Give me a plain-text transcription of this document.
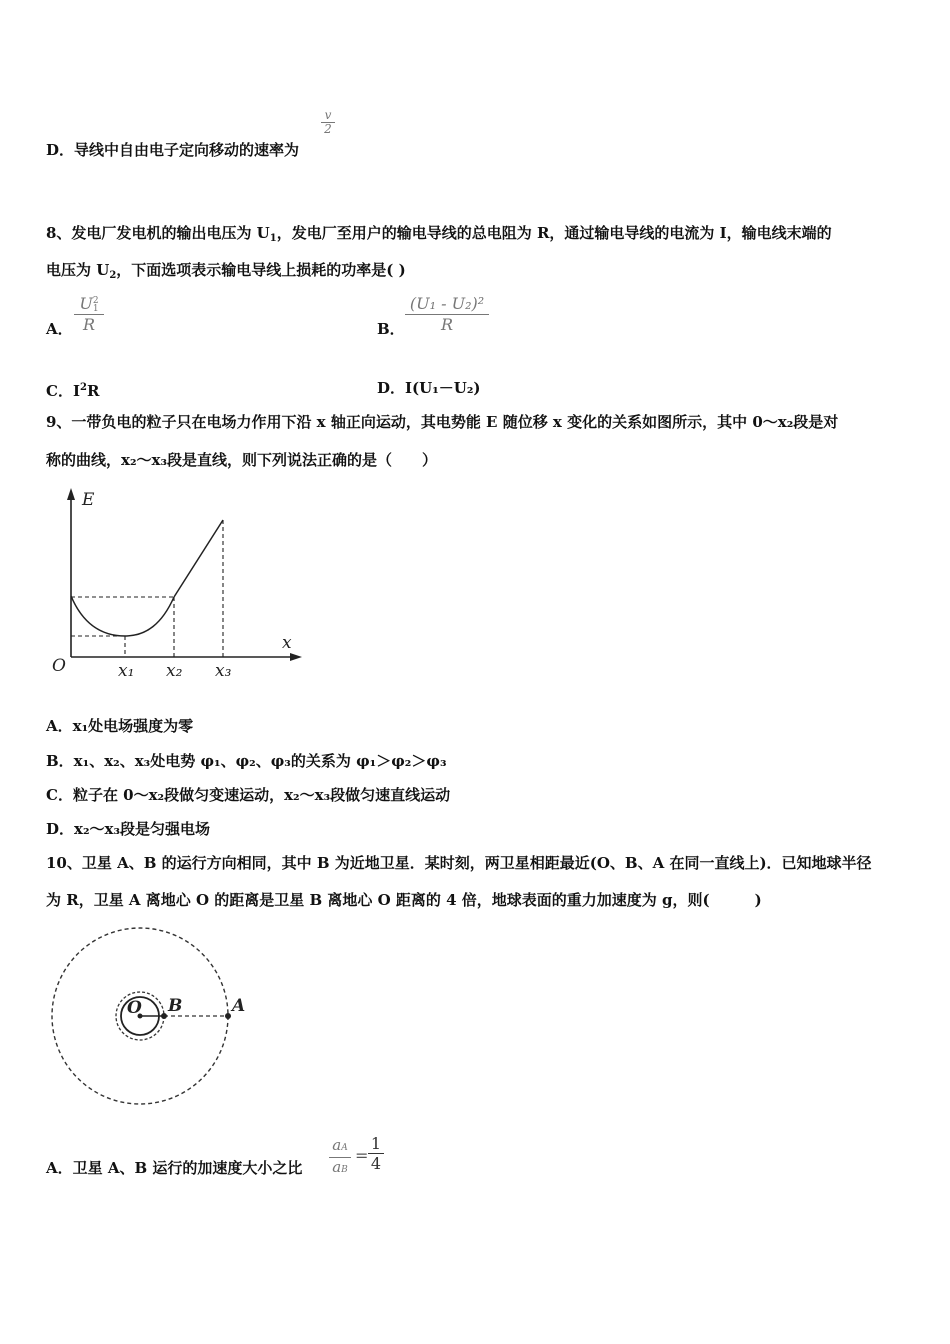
D．导线中自由电子定向移动的速率为
v
2
8、发电厂发电机的输出电压为 $U_1$，发电厂至用户的输电导线的总电阻为 R，通过输电导线的电流为 I，输电线末端的
电压为 $U_2$，下面选项表示输电导线上损耗的功率是( )
A．
U 2
1
R	B．
(U₁ - U₂)²
R
C．$I^2R$	D．I(U₁－U₂)
9、一带负电的粒子只在电场力作用下沿 x 轴正向运动，其电势能 E 随位移 x 变化的关系如图所示，其中 0～x₂段是对
称的曲线，x₂～x₃段是直线，则下列说法正确的是（　　）
E
x
O	x₁ x₂ x₃
A．x₁处电场强度为零
B．x₁、x₂、x₃处电势 φ₁、φ₂、φ₃的关系为 φ₁＞φ₂＞φ₃
C．粒子在 0～x₂段做匀变速运动，x₂～x₃段做匀速直线运动
D．x₂～x₃段是匀强电场
10、卫星 A、B 的运行方向相同，其中 B 为近地卫星．某时刻，两卫星相距最近(O、B、A 在同一直线上)．已知地球半径
为 R，卫星 A 离地心 O 的距离是卫星 B 离地心 O 距离的 4 倍，地球表面的重力加速度为 g，则(　　　)
O B	A
A．卫星 A、B 运行的加速度大小之比
aA
aB
=
1
4
